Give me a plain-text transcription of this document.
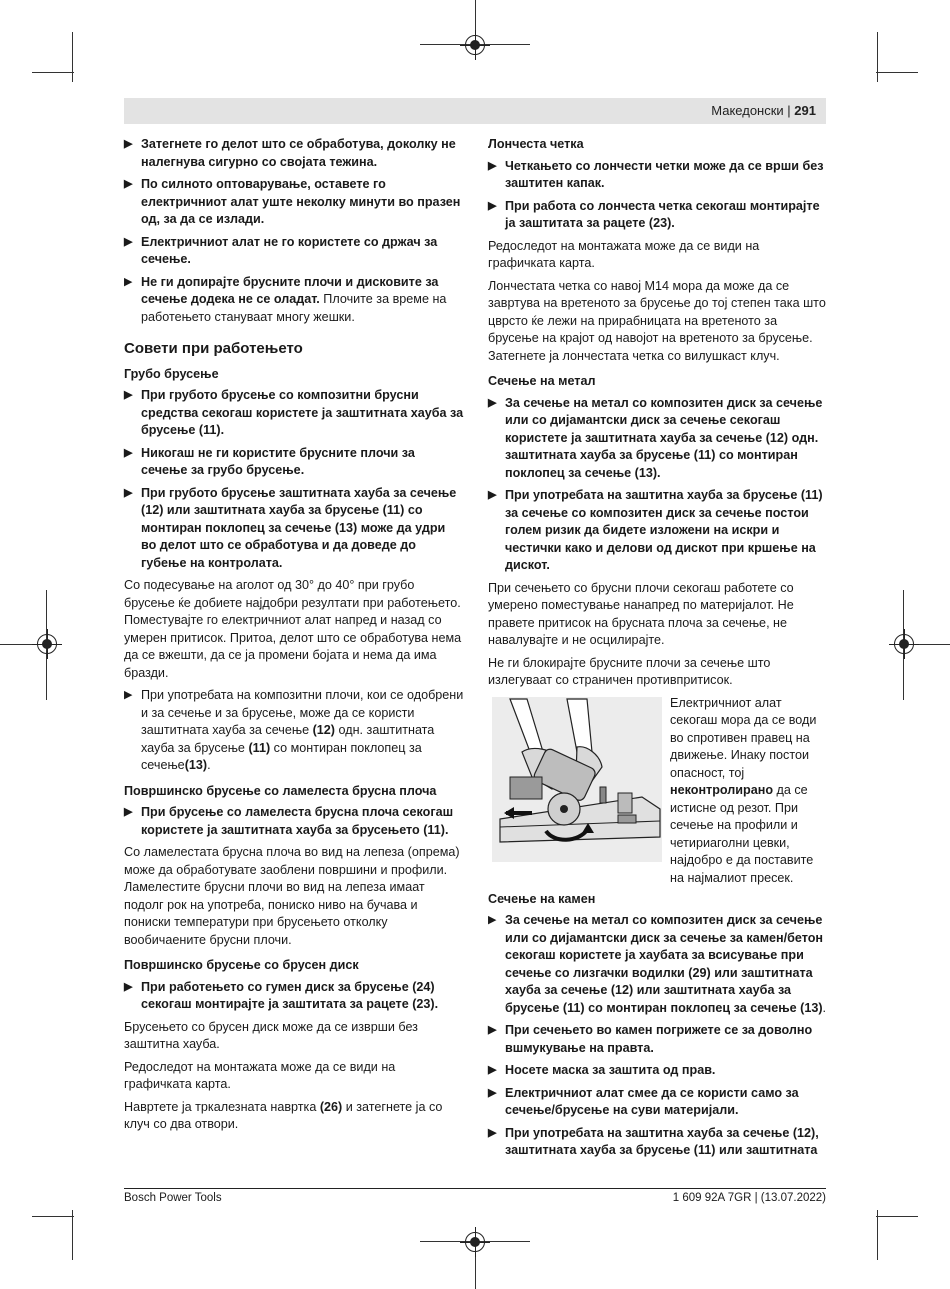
Македонски | 291
▶ Затегнете го делот што се обработува, доколку не налегнува сигурно со својата тежина.
▶ По силното оптоварување, оставете го електричниот алат уште неколку минути во празен од, за да се излади.
▶ Електричниот алат не го користете со држач за сечење.
▶ Не ги допирајте брусните плочи и дисковите за сечење додека не се оладат. Плочите за време на работењето стануваат многу жешки.
Совети при работењето
Грубо брусење
▶ При грубото брусење со композитни брусни средства секогаш користете ја заштитната хауба за брусење (11).
▶ Никогаш не ги користите брусните плочи за сечење за грубо брусење.
▶ При грубото брусење заштитната хауба за сечење (12) или заштитната хауба за брусење (11) со монтиран поклопец за сечење (13) може да удри во делот што се обработува и да доведе до губење на контролата.

Со подесување на аголот од 30° до 40° при грубо брусење ќе добиете најдобри резултати при работењето. Поместувајте го електричниот алат напред и назад со умерен притисок. Притоа, делот што се обработува нема да се вжешти, да се ја промени бојата и нема да има бразди.

▶ При употребата на композитни плочи, кои се одобрени и за сечење и за брусење, може да се користи заштитната хауба за сечење (12) одн. заштитната хауба за брусење (11) со монтиран поклопец за сечење(13).
Површинско брусење со ламелеста брусна плоча
▶ При брусење со ламелеста брусна плоча секогаш користете ја заштитната хауба за брусењето (11).

Со ламелестата брусна плоча во вид на лепеза (опрема) може да обработувате заоблени површини и профили. Ламелестите брусни плочи во вид на лепеза имаат подолг рок на употреба, пониско ниво на бучава и пониски температури при брусењето отколку вообичаените брусни плочи.

Површинско брусење со брусен диск
▶ При работењето со гумен диск за брусење (24) секогаш монтирајте ја заштитата за рацете (23).

Брусењето со брусен диск може да се изврши без заштитна хауба.

Редоследот на монтажата може да се види на графичката карта.

Навртете ја тркалезната навртка (26) и затегнете ја со клуч со два отвори.

Лончеста четка
▶ Четкањето со лончести четки може да се врши без заштитен капак.
▶ При работа со лончеста четка секогаш монтирајте ја заштитата за рацете (23).

Редоследот на монтажата може да се види на графичката карта.

Лончестата четка со навој M14 мора да може да се завртува на вретеното за брусење до тој степен така што цврсто ќе лежи на прирабницата на вретеното за брусење на крајот од навојот на вретеното за брусење. Затегнете ја лончестата четка со вилушкаст клуч.

Сечење на метал
▶ За сечење на метал со композитен диск за сечење или со дијамантски диск за сечење секогаш користете ја заштитната хауба за сечење (12) одн. заштитната хауба за брусење (11) со монтиран поклопец за сечење (13).
▶ При употребата на заштитна хауба за брусење (11) за сечење со композитен диск за сечење постои голем ризик да бидете изложени на искри и честички како и делови од дискот при кршење на дискот.

При сечењето со брусни плочи секогаш работете со умерено поместување нанапред по материјалот. Не правете притисок на брусната плоча за сечење, не навалувајте и не осцилирајте.

Не ги блокирајте брусните плочи за сечење што излегуваат со страничен противпритисок.

Електричниот алат секогаш мора да се води во спротивен правец на движење. Инаку постои опасност, тој неконтролирано да се истисне од резот. При сечење на профили и четириаголни цевки, најдобро е да поставите на најмалиот пресек.
Сечење на камен
▶ За сечење на метал со композитен диск за сечење или со дијамантски диск за сечење за камен/бетон секогаш користете ја хаубата за всисување при сечење со лизгачки водилки (29) или заштитната хауба за сечење (12) или заштитната хауба за брусење (11) со монтиран поклопец за сечење (13).
▶ При сечењето во камен погрижете се за доволно вшмукување на правта.
▶ Носете маска за заштита од прав.
▶ Електричниот алат смее да се користи само за сечење/брусење на суви материјали.
▶ При употребата на заштитна хауба за сечење (12), заштитната хауба за брусење (11) или заштитната
Bosch Power Tools	1 609 92A 7GR | (13.07.2022)
